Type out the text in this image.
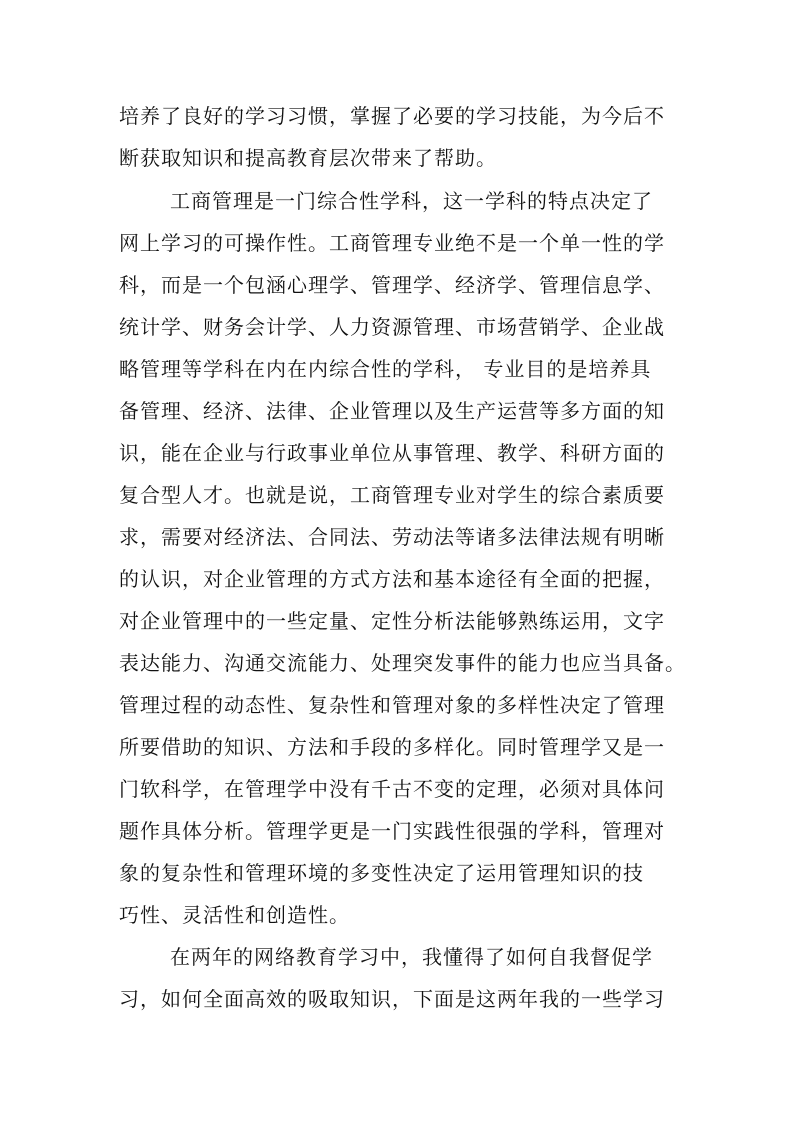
培养了良好的学习习惯，掌握了必要的学习技能，为今后不
断获取知识和提高教育层次带来了帮助。
工商管理是一门综合性学科，这一学科的特点决定了
网上学习的可操作性。工商管理专业绝不是一个单一性的学
科，而是一个包涵心理学、管理学、经济学、管理信息学、
统计学、财务会计学、人力资源管理、市场营销学、企业战
略管理等学科在内在内综合性的学科， 专业目的是培养具
备管理、经济、法律、企业管理以及生产运营等多方面的知
识，能在企业与行政事业单位从事管理、教学、科研方面的
复合型人才。也就是说，工商管理专业对学生的综合素质要
求，需要对经济法、合同法、劳动法等诸多法律法规有明晰
的认识，对企业管理的方式方法和基本途径有全面的把握，
对企业管理中的一些定量、定性分析法能够熟练运用，文字
表达能力、沟通交流能力、处理突发事件的能力也应当具备。
管理过程的动态性、复杂性和管理对象的多样性决定了管理
所要借助的知识、方法和手段的多样化。同时管理学又是一
门软科学，在管理学中没有千古不变的定理，必须对具体问
题作具体分析。管理学更是一门实践性很强的学科，管理对
象的复杂性和管理环境的多变性决定了运用管理知识的技
巧性、灵活性和创造性。
在两年的网络教育学习中，我懂得了如何自我督促学
习，如何全面高效的吸取知识，下面是这两年我的一些学习
